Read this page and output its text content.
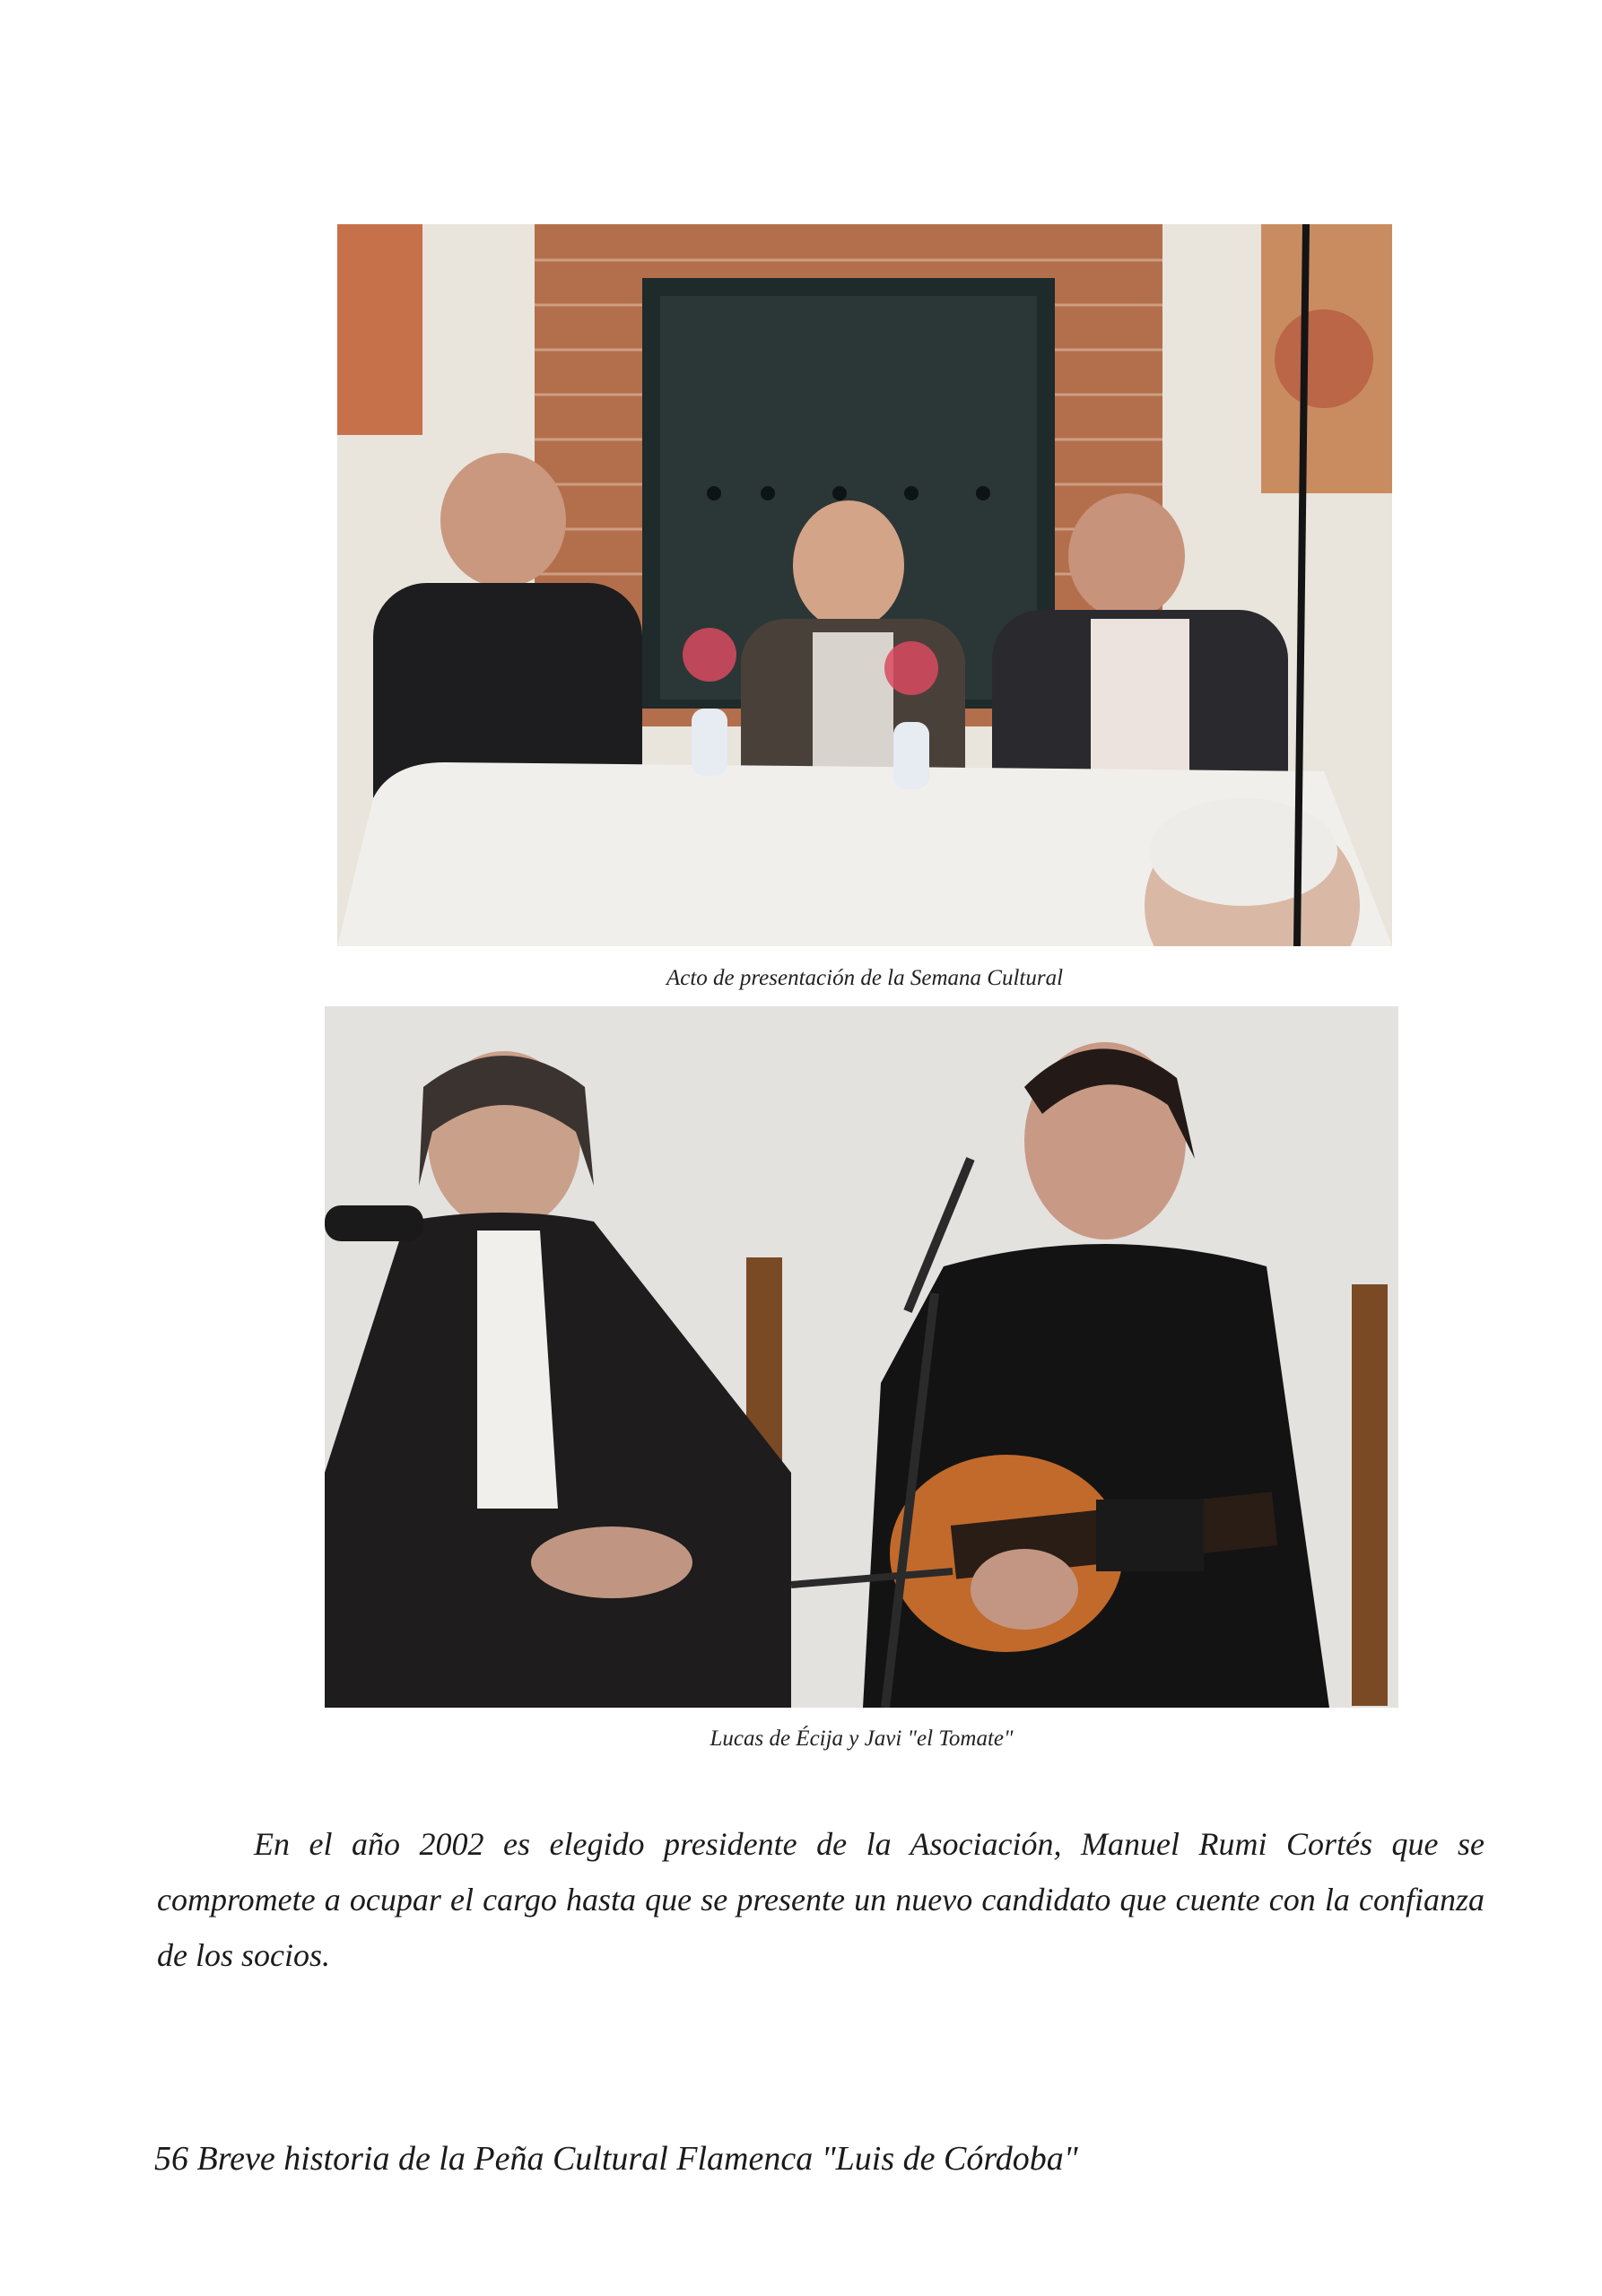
Acto de presentación de la Semana Cultural
Lucas de Écija y Javi "el Tomate"
En el año 2002 es elegido presidente de la Asociación, Manuel Rumi Cortés que se compromete a ocupar el cargo hasta que se presente un nuevo candidato que cuente con la confianza de los socios.
56 Breve historia de la Peña Cultural Flamenca "Luis de Córdoba"
